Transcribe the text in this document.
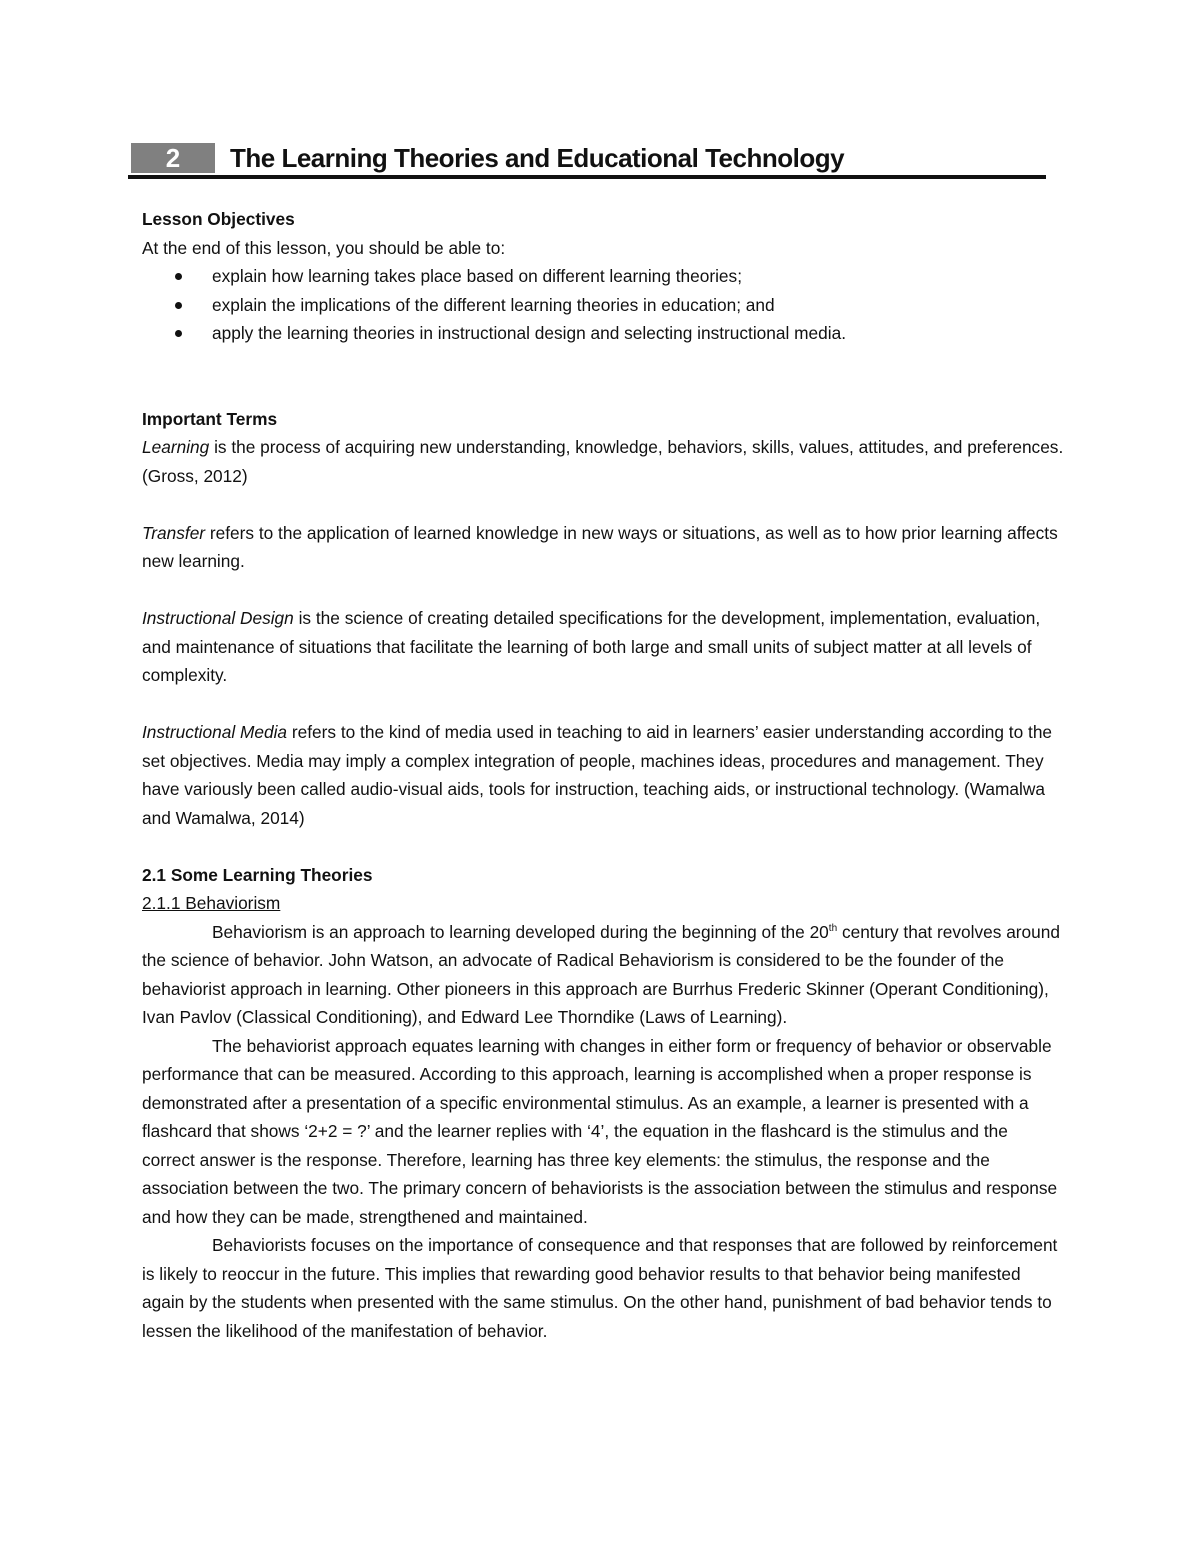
2	The Learning Theories and Educational Technology

Lesson Objectives

At the end of this lesson, you should be able to:

explain how learning takes place based on different learning theories;
explain the implications of the different learning theories in education; and
apply the learning theories in instructional design and selecting instructional media.

Important Terms

Learning is the process of acquiring new understanding, knowledge, behaviors, skills, values, attitudes, and preferences. (Gross, 2012)

Transfer refers to the application of learned knowledge in new ways or situations, as well as to how prior learning affects new learning.

Instructional Design is the science of creating detailed specifications for the development, implementation, evaluation, and maintenance of situations that facilitate the learning of both large and small units of subject matter at all levels of complexity.

Instructional Media refers to the kind of media used in teaching to aid in learners’ easier understanding according to the set objectives. Media may imply a complex integration of people, machines ideas, procedures and management. They have variously been called audio-visual aids, tools for instruction, teaching aids, or instructional technology. (Wamalwa and Wamalwa, 2014)

2.1 Some Learning Theories

2.1.1 Behaviorism

Behaviorism is an approach to learning developed during the beginning of the 20th century that revolves around the science of behavior. John Watson, an advocate of Radical Behaviorism is considered to be the founder of the behaviorist approach in learning. Other pioneers in this approach are Burrhus Frederic Skinner (Operant Conditioning), Ivan Pavlov (Classical Conditioning), and Edward Lee Thorndike (Laws of Learning).

The behaviorist approach equates learning with changes in either form or frequency of behavior or observable performance that can be measured. According to this approach, learning is accomplished when a proper response is demonstrated after a presentation of a specific environmental stimulus. As an example, a learner is presented with a flashcard that shows ‘2+2 = ?’ and the learner replies with ‘4’, the equation in the flashcard is the stimulus and the correct answer is the response. Therefore, learning has three key elements: the stimulus, the response and the association between the two. The primary concern of behaviorists is the association between the stimulus and response and how they can be made, strengthened and maintained.

Behaviorists focuses on the importance of consequence and that responses that are followed by reinforcement is likely to reoccur in the future. This implies that rewarding good behavior results to that behavior being manifested again by the students when presented with the same stimulus. On the other hand, punishment of bad behavior tends to lessen the likelihood of the manifestation of behavior.
